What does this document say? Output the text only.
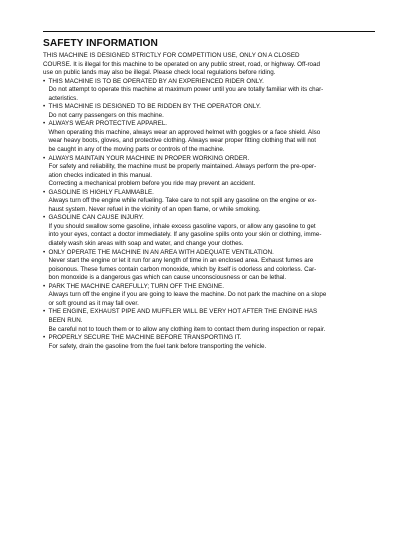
SAFETY INFORMATION
THIS MACHINE IS DESIGNED STRICTLY FOR COMPETITION USE, ONLY ON A CLOSED
COURSE. It is illegal for this machine to be operated on any public street, road, or highway. Off-road
use on public lands may also be illegal. Please check local regulations before riding.
• THIS MACHINE IS TO BE OPERATED BY AN EXPERIENCED RIDER ONLY.
Do not attempt to operate this machine at maximum power until you are totally familiar with its char-
acteristics.
• THIS MACHINE IS DESIGNED TO BE RIDDEN BY THE OPERATOR ONLY.
Do not carry passengers on this machine.
• ALWAYS WEAR PROTECTIVE APPAREL.
When operating this machine, always wear an approved helmet with goggles or a face shield. Also
wear heavy boots, gloves, and protective clothing. Always wear proper fitting clothing that will not
be caught in any of the moving parts or controls of the machine.
• ALWAYS MAINTAIN YOUR MACHINE IN PROPER WORKING ORDER.
For safety and reliability, the machine must be properly maintained. Always perform the pre-oper-
ation checks indicated in this manual.
Correcting a mechanical problem before you ride may prevent an accident.
• GASOLINE IS HIGHLY FLAMMABLE.
Always turn off the engine while refueling. Take care to not spill any gasoline on the engine or ex-
haust system. Never refuel in the vicinity of an open flame, or while smoking.
• GASOLINE CAN CAUSE INJURY.
If you should swallow some gasoline, inhale excess gasoline vapors, or allow any gasoline to get
into your eyes, contact a doctor immediately. If any gasoline spills onto your skin or clothing, imme-
diately wash skin areas with soap and water, and change your clothes.
• ONLY OPERATE THE MACHINE IN AN AREA WITH ADEQUATE VENTILATION.
Never start the engine or let it run for any length of time in an enclosed area. Exhaust fumes are
poisonous. These fumes contain carbon monoxide, which by itself is odorless and colorless. Car-
bon monoxide is a dangerous gas which can cause unconsciousness or can be lethal.
• PARK THE MACHINE CAREFULLY; TURN OFF THE ENGINE.
Always turn off the engine if you are going to leave the machine. Do not park the machine on a slope
or soft ground as it may fall over.
• THE ENGINE, EXHAUST PIPE AND MUFFLER WILL BE VERY HOT AFTER THE ENGINE HAS
BEEN RUN.
Be careful not to touch them or to allow any clothing item to contact them during inspection or repair.
• PROPERLY SECURE THE MACHINE BEFORE TRANSPORTING IT.
For safety, drain the gasoline from the fuel tank before transporting the vehicle.
